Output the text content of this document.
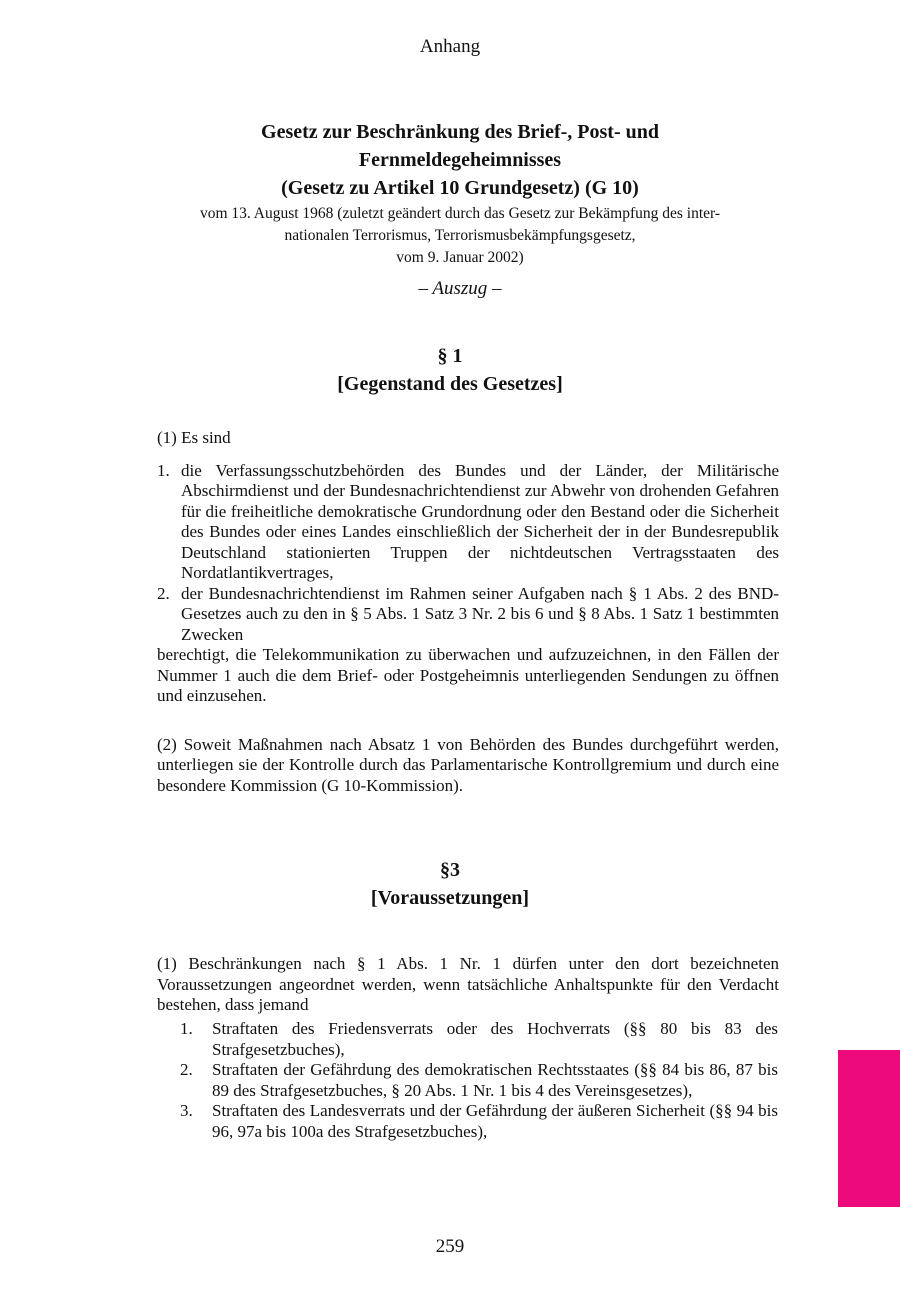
Anhang
Gesetz zur Beschränkung des Brief-, Post- und
Fernmeldegeheimnisses
(Gesetz zu Artikel 10 Grundgesetz) (G 10)
vom 13. August 1968 (zuletzt geändert durch das Gesetz zur Bekämpfung des inter-
nationalen Terrorismus, Terrorismusbekämpfungsgesetz,
vom 9. Januar 2002)
– Auszug –
§ 1
[Gegenstand des Gesetzes]
(1) Es sind
1. die Verfassungsschutzbehörden des Bundes und der Länder, der Militärische Abschirmdienst und der Bundesnachrichtendienst zur Abwehr von drohenden Gefahren für die freiheitliche demokratische Grundordnung oder den Bestand oder die Sicherheit des Bundes oder eines Landes einschließlich der Sicherheit der in der Bundesrepublik Deutschland stationierten Truppen der nichtdeutschen Vertragsstaaten des Nordatlantikvertrages,
2. der Bundesnachrichtendienst im Rahmen seiner Aufgaben nach § 1 Abs. 2 des BND-Gesetzes auch zu den in § 5 Abs. 1 Satz 3 Nr. 2 bis 6 und § 8 Abs. 1 Satz 1 bestimmten Zwecken
berechtigt, die Telekommunikation zu überwachen und aufzuzeichnen, in den Fällen der Nummer 1 auch die dem Brief- oder Postgeheimnis unterliegenden Sendungen zu öffnen und einzusehen.
(2) Soweit Maßnahmen nach Absatz 1 von Behörden des Bundes durchgeführt werden, unterliegen sie der Kontrolle durch das Parlamentarische Kontrollgremium und durch eine besondere Kommission (G 10-Kommission).
§3
[Voraussetzungen]
(1) Beschränkungen nach § 1 Abs. 1 Nr. 1 dürfen unter den dort bezeichneten Voraussetzungen angeordnet werden, wenn tatsächliche Anhaltspunkte für den Verdacht bestehen, dass jemand
1.	Straftaten des Friedensverrats oder des Hochverrats (§§ 80 bis 83 des Strafgesetzbuches),
2.	Straftaten der Gefährdung des demokratischen Rechtsstaates (§§ 84 bis 86, 87 bis 89 des Strafgesetzbuches, § 20 Abs. 1 Nr. 1 bis 4 des Vereinsgesetzes),
3.	Straftaten des Landesverrats und der Gefährdung der äußeren Sicherheit (§§ 94 bis 96, 97a bis 100a des Strafgesetzbuches),
259
